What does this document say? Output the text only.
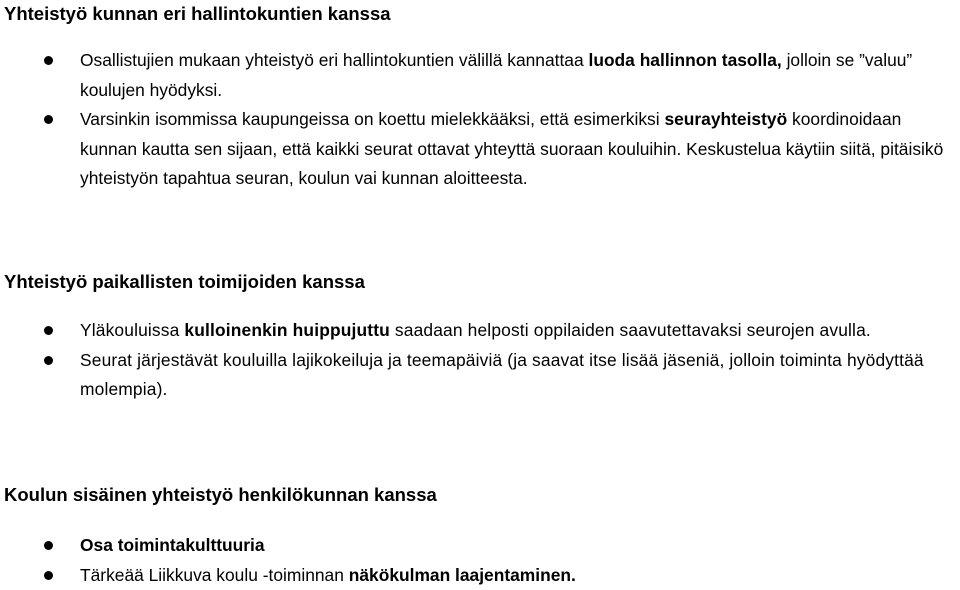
Yhteistyö kunnan eri hallintokuntien kanssa
Osallistujien mukaan yhteistyö eri hallintokuntien välillä kannattaa luoda hallinnon tasolla, jolloin se ”valuu” koulujen hyödyksi.
Varsinkin isommissa kaupungeissa on koettu mielekkääksi, että esimerkiksi seurayhteistyö koordinoidaan kunnan kautta sen sijaan, että kaikki seurat ottavat yhteyttä suoraan kouluihin. Keskustelua käytiin siitä, pitäisikö yhteistyön tapahtua seuran, koulun vai kunnan aloitteesta.
Yhteistyö paikallisten toimijoiden kanssa
Yläkouluissa kulloinenkin huippujuttu saadaan helposti oppilaiden saavutettavaksi seurojen avulla.
Seurat järjestävät kouluilla lajikokeiluja ja teemapäiviä (ja saavat itse lisää jäseniä, jolloin toiminta hyödyttää molempia).
Koulun sisäinen yhteistyö henkilökunnan kanssa
Osa toimintakulttuuria
Tärkeää Liikkuva koulu -toiminnan näkökulman laajentaminen.
